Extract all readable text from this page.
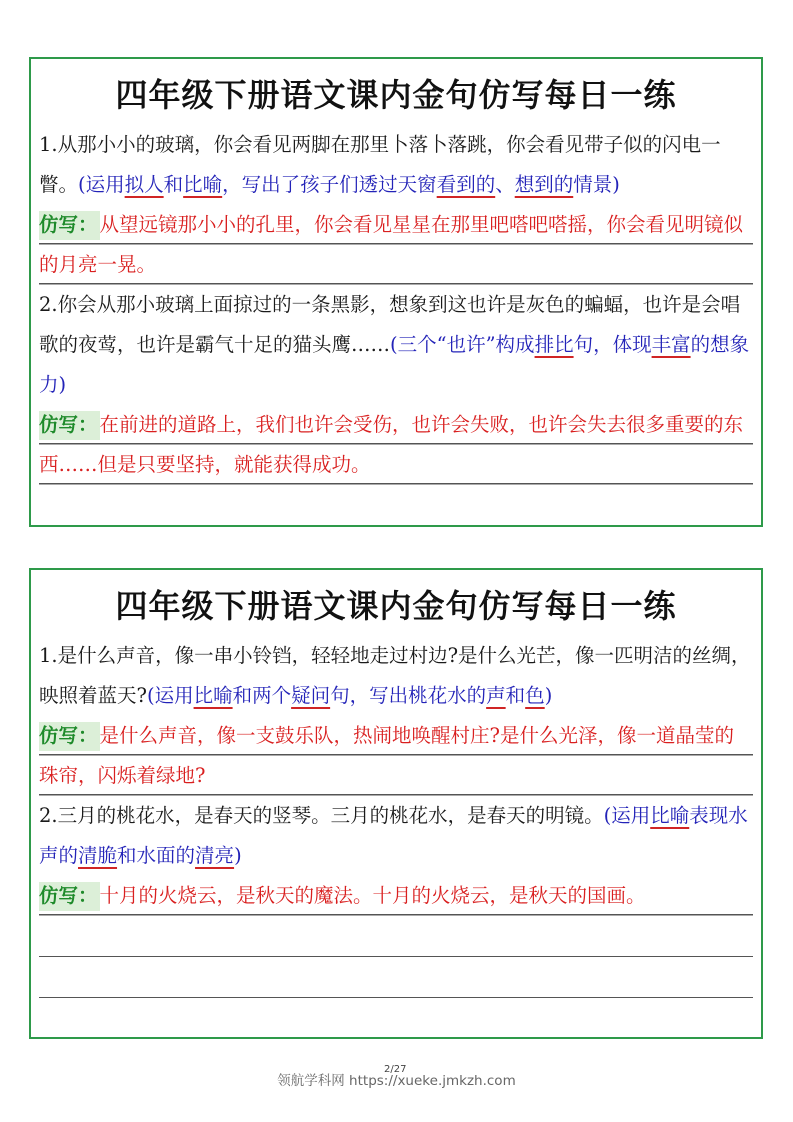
四年级下册语文课内金句仿写每日一练

1.从那小小的玻璃，你会看见两脚在那里卜落卜落跳，你会看见带子似的闪电一瞥。(运用拟人和比喻，写出了孩子们透过天窗看到的、想到的情景)

仿写： 从望远镜那小小的孔里，你会看见星星在那里吧嗒吧嗒摇，你会看见明镜似的月亮一晃。

2.你会从那小玻璃上面掠过的一条黑影，想象到这也许是灰色的蝙蝠，也许是会唱歌的夜莺，也许是霸气十足的猫头鹰……(三个“也许”构成排比句，体现丰富的想象力)

仿写： 在前进的道路上，我们也许会受伤，也许会失败，也许会失去很多重要的东西……但是只要坚持，就能获得成功。

四年级下册语文课内金句仿写每日一练

1.是什么声音，像一串小铃铛，轻轻地走过村边?是什么光芒，像一匹明洁的丝绸，映照着蓝天?(运用比喻和两个疑问句，写出桃花水的声和色)

仿写： 是什么声音，像一支鼓乐队，热闹地唤醒村庄?是什么光泽，像一道晶莹的珠帘，闪烁着绿地?

2.三月的桃花水，是春天的竖琴。三月的桃花水，是春天的明镜。(运用比喻表现水声的清脆和水面的清亮)

仿写： 十月的火烧云，是秋天的魔法。十月的火烧云，是秋天的国画。

2/27
领航学科网 https://xueke.jmkzh.com
